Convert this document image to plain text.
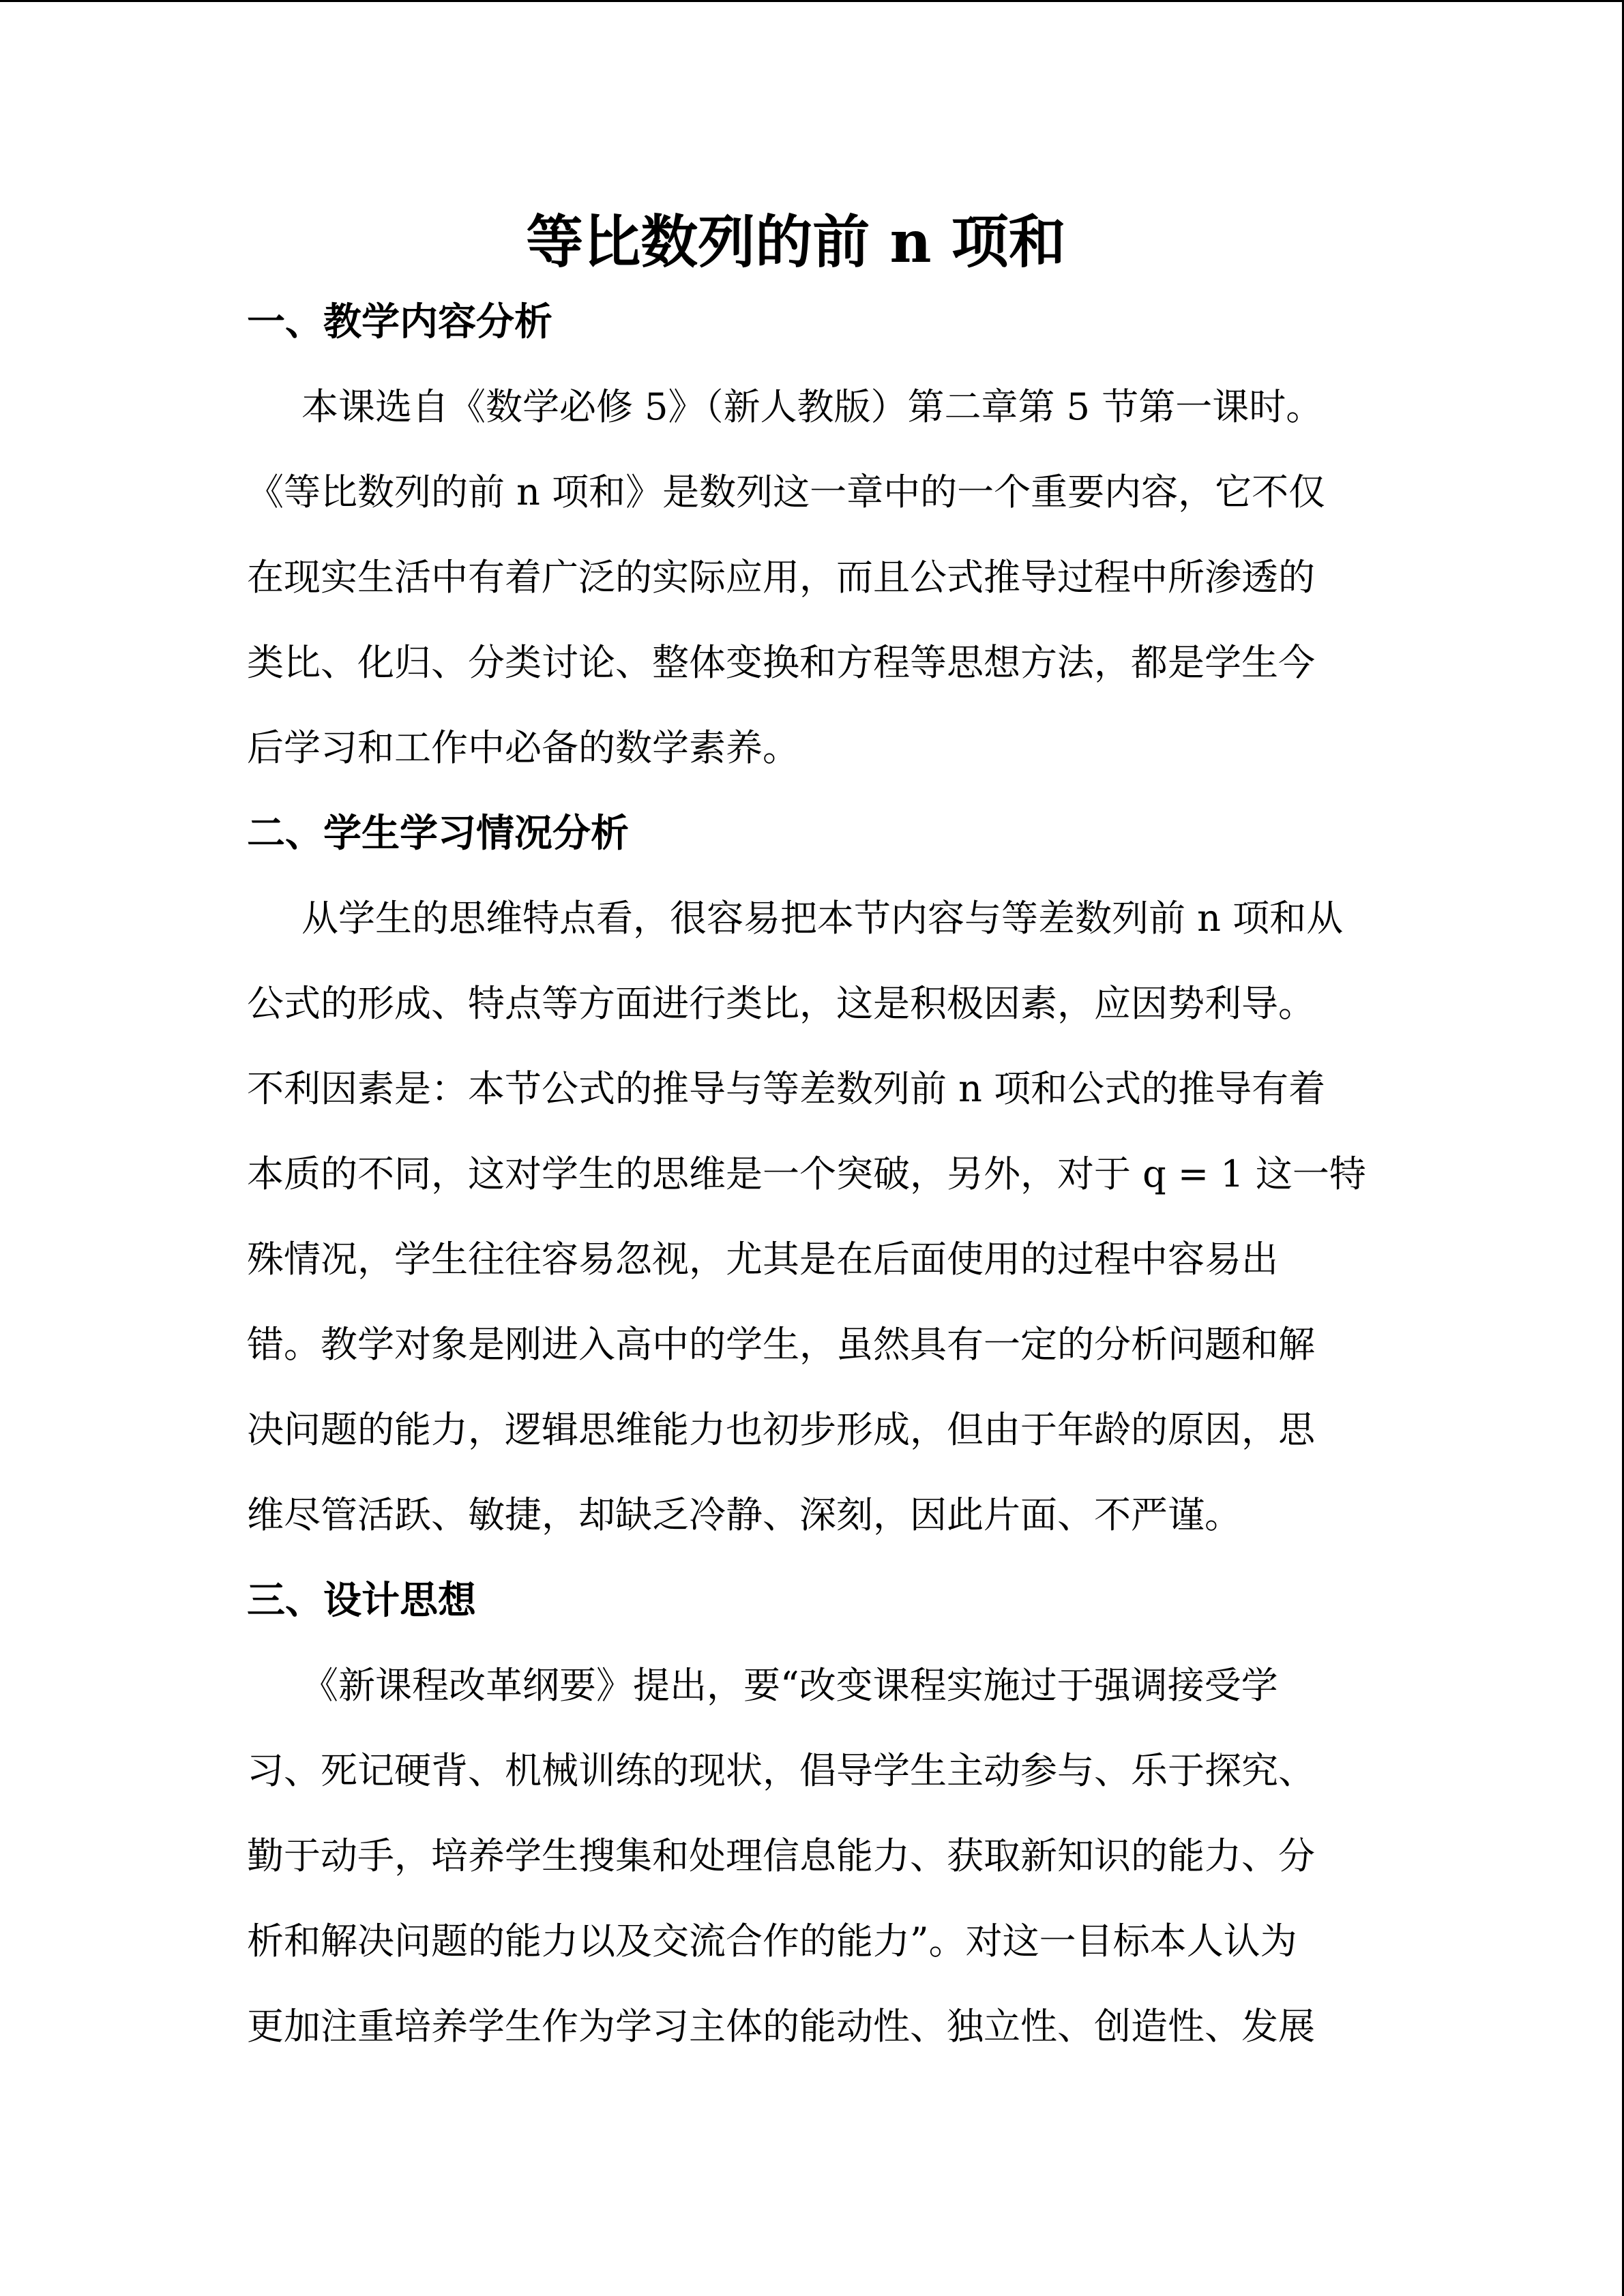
等比数列的前 n 项和
一、教学内容分析

本课选自《数学必修 5》（新人教版）第二章第 5 节第一课时。

《等比数列的前 n 项和》是数列这一章中的一个重要内容，它不仅

在现实生活中有着广泛的实际应用，而且公式推导过程中所渗透的

类比、化归、分类讨论、整体变换和方程等思想方法，都是学生今

后学习和工作中必备的数学素养。

二、学生学习情况分析

从学生的思维特点看，很容易把本节内容与等差数列前 n 项和从

公式的形成、特点等方面进行类比，这是积极因素，应因势利导。

不利因素是：本节公式的推导与等差数列前 n 项和公式的推导有着

本质的不同，这对学生的思维是一个突破，另外，对于 q = 1 这一特

殊情况，学生往往容易忽视，尤其是在后面使用的过程中容易出

错。教学对象是刚进入高中的学生，虽然具有一定的分析问题和解

决问题的能力，逻辑思维能力也初步形成，但由于年龄的原因，思

维尽管活跃、敏捷，却缺乏冷静、深刻，因此片面、不严谨。

三、设计思想

《新课程改革纲要》提出，要“改变课程实施过于强调接受学

习、死记硬背、机械训练的现状，倡导学生主动参与、乐于探究、

勤于动手，培养学生搜集和处理信息能力、获取新知识的能力、分

析和解决问题的能力以及交流合作的能力”。对这一目标本人认为

更加注重培养学生作为学习主体的能动性、独立性、创造性、发展
